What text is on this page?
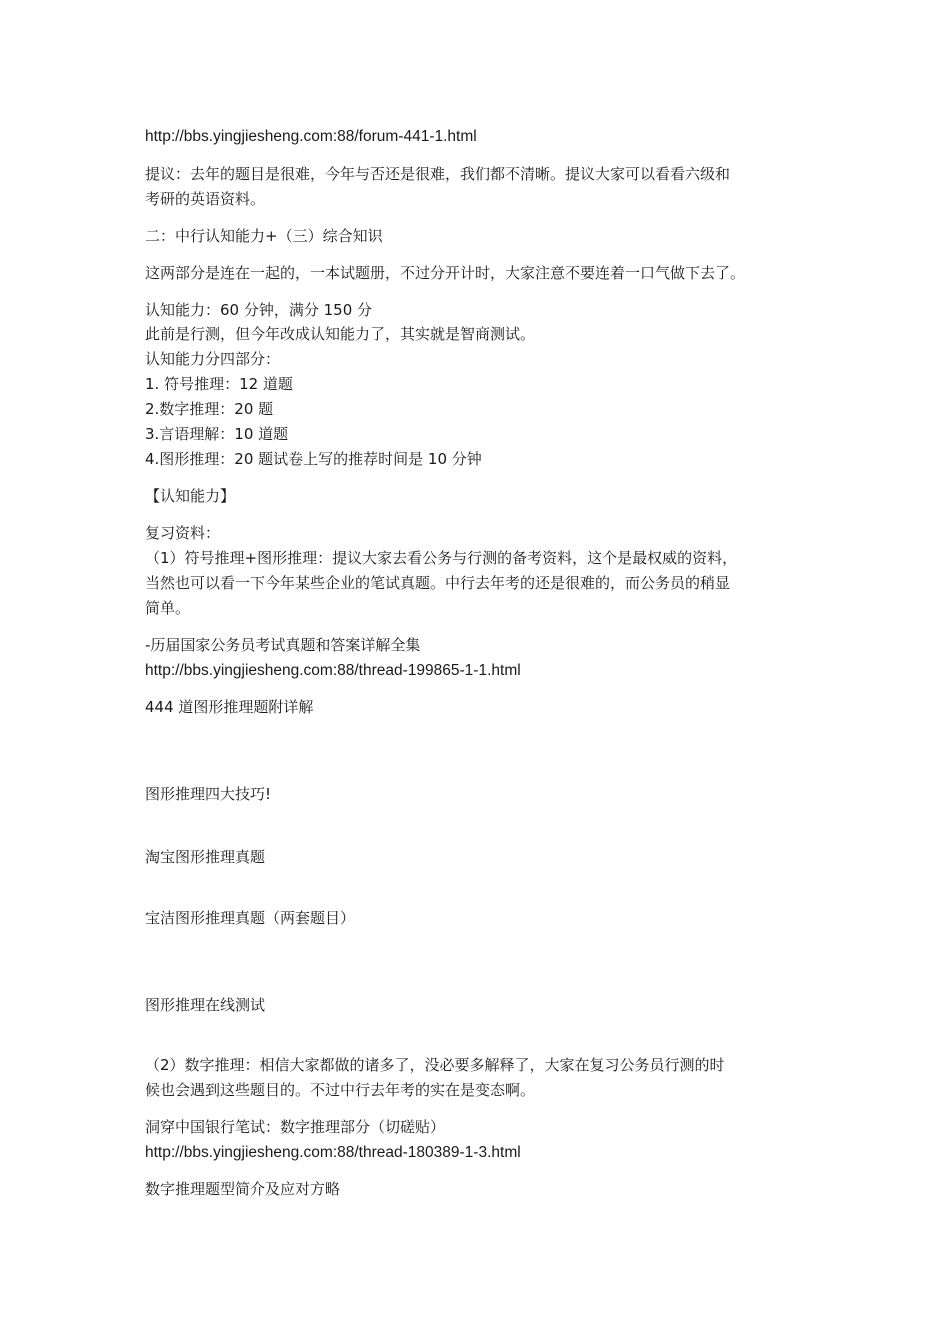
http://bbs.yingjiesheng.com:88/forum-441-1.html
提议：去年的题目是很难，今年与否还是很难，我们都不清晰。提议大家可以看看六级和
考研的英语资料。
二：中行认知能力+（三）综合知识
这两部分是连在一起的，一本试题册，不过分开计时，大家注意不要连着一口气做下去了。
认知能力：60 分钟，满分 150 分
此前是行测，但今年改成认知能力了，其实就是智商测试。
认知能力分四部分：
1. 符号推理：12 道题
2.数字推理：20 题
3.言语理解：10 道题
4.图形推理：20 题试卷上写的推荐时间是 10 分钟
【认知能力】
复习资料：
（1）符号推理+图形推理：提议大家去看公务与行测的备考资料，这个是最权威的资料，
当然也可以看一下今年某些企业的笔试真题。中行去年考的还是很难的，而公务员的稍显
简单。
-历届国家公务员考试真题和答案详解全集
http://bbs.yingjiesheng.com:88/thread-199865-1-1.html
444 道图形推理题附详解
图形推理四大技巧!
淘宝图形推理真题
宝洁图形推理真题（两套题目）
图形推理在线测试
（2）数字推理：相信大家都做的诸多了，没必要多解释了，大家在复习公务员行测的时
候也会遇到这些题目的。不过中行去年考的实在是变态啊。
洞穿中国银行笔试：数字推理部分（切磋贴）
http://bbs.yingjiesheng.com:88/thread-180389-1-3.html
数字推理题型简介及应对方略
